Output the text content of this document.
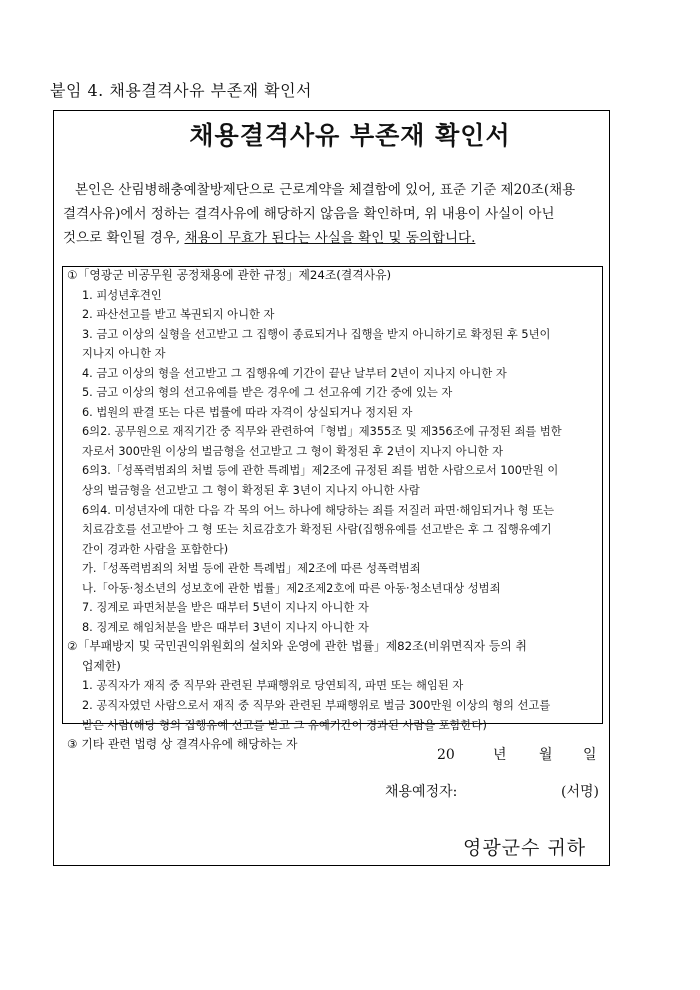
붙임 4. 채용결격사유 부존재 확인서
채용결격사유 부존재 확인서
본인은 산림병해충예찰방제단으로 근로계약을 체결함에 있어, 표준 기준 제20조(채용
결격사유)에서 정하는 결격사유에 해당하지 않음을 확인하며, 위 내용이 사실이 아닌
것으로 확인될 경우, 채용이 무효가 된다는 사실을 확인 및 동의합니다.
①「영광군 비공무원 공정채용에 관한 규정」제24조(결격사유)
1. 피성년후견인
2. 파산선고를 받고 복권되지 아니한 자
3. 금고 이상의 실형을 선고받고 그 집행이 종료되거나 집행을 받지 아니하기로 확정된 후 5년이
지나지 아니한 자
4. 금고 이상의 형을 선고받고 그 집행유예 기간이 끝난 날부터 2년이 지나지 아니한 자
5. 금고 이상의 형의 선고유예를 받은 경우에 그 선고유예 기간 중에 있는 자
6. 법원의 판결 또는 다른 법률에 따라 자격이 상실되거나 정지된 자
6의2. 공무원으로 재직기간 중 직무와 관련하여「형법」제355조 및 제356조에 규정된 죄를 범한
자로서 300만원 이상의 벌금형을 선고받고 그 형이 확정된 후 2년이 지나지 아니한 자
6의3.「성폭력범죄의 처벌 등에 관한 특례법」제2조에 규정된 죄를 범한 사람으로서 100만원 이
상의 벌금형을 선고받고 그 형이 확정된 후 3년이 지나지 아니한 사람
6의4. 미성년자에 대한 다음 각 목의 어느 하나에 해당하는 죄를 저질러 파면·해임되거나 형 또는
치료감호를 선고받아 그 형 또는 치료감호가 확정된 사람(집행유예를 선고받은 후 그 집행유예기
간이 경과한 사람을 포함한다)
가.「성폭력범죄의 처벌 등에 관한 특례법」제2조에 따른 성폭력범죄
나.「아동·청소년의 성보호에 관한 법률」제2조제2호에 따른 아동·청소년대상 성범죄
7. 징계로 파면처분을 받은 때부터 5년이 지나지 아니한 자
8. 징계로 해임처분을 받은 때부터 3년이 지나지 아니한 자
②「부패방지 및 국민권익위원회의 설치와 운영에 관한 법률」제82조(비위면직자 등의 취
업제한)
1. 공직자가 재직 중 직무와 관련된 부패행위로 당연퇴직, 파면 또는 해임된 자
2. 공직자였던 사람으로서 재직 중 직무와 관련된 부패행위로 벌금 300만원 이상의 형의 선고를
받은 사람(해당 형의 집행유예 선고를 받고 그 유예기간이 경과된 사람을 포함한다)
③ 기타 관련 법령 상 결격사유에 해당하는 자
20	년 월 일
채용예정자:	(서명)
영광군수 귀하
